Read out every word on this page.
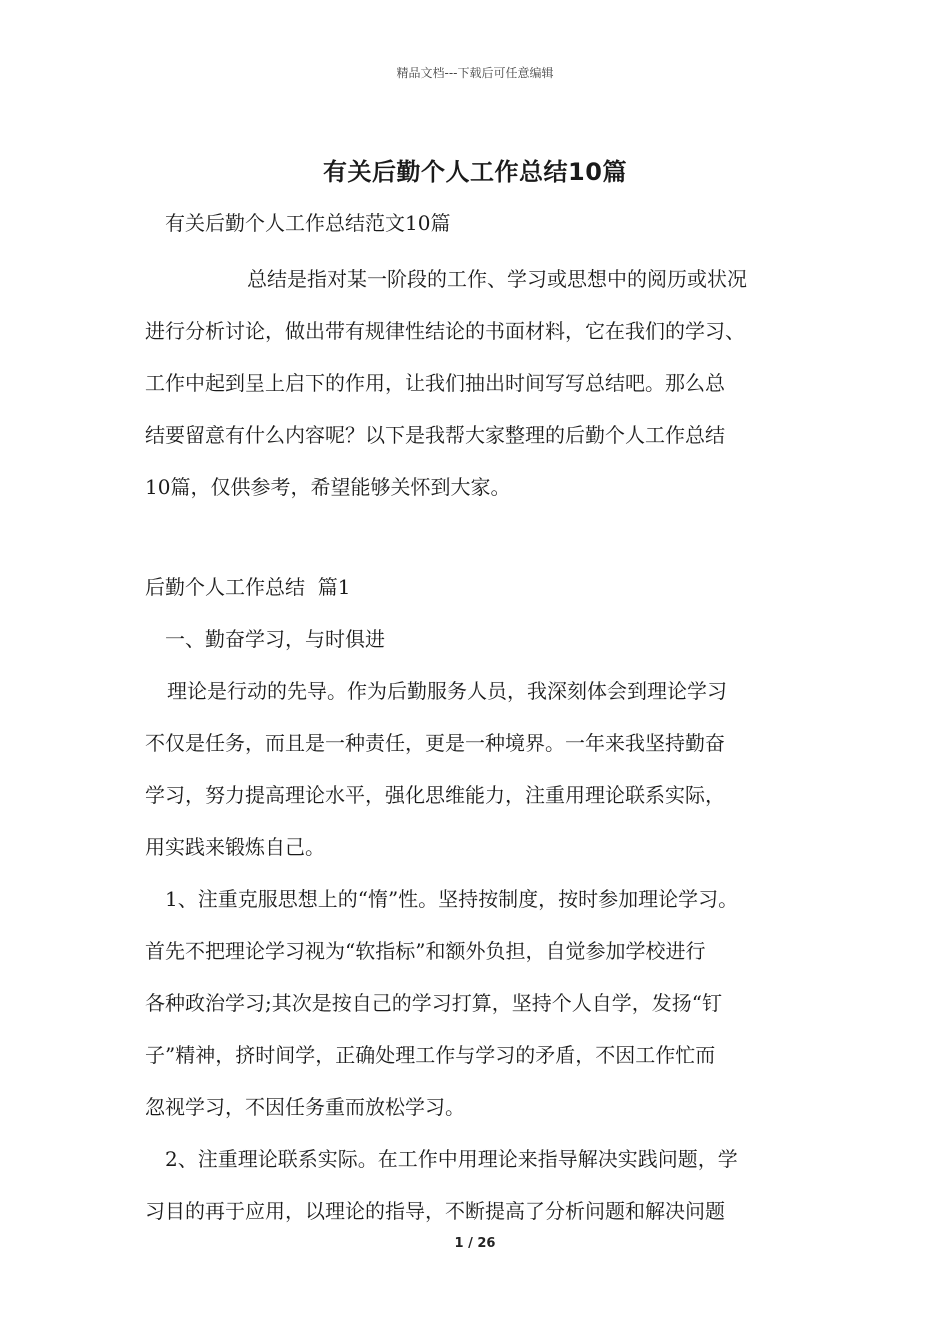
精品文档---下载后可任意编辑
有关后勤个人工作总结10篇

有关后勤个人工作总结范文10篇

总结是指对某一阶段的工作、学习或思想中的阅历或状况

进行分析讨论，做出带有规律性结论的书面材料，它在我们的学习、

工作中起到呈上启下的作用，让我们抽出时间写写总结吧。那么总

结要留意有什么内容呢？以下是我帮大家整理的后勤个人工作总结

10篇，仅供参考，希望能够关怀到大家。

后勤个人工作总结  篇1

一、勤奋学习，与时俱进

理论是行动的先导。作为后勤服务人员，我深刻体会到理论学习

不仅是任务，而且是一种责任，更是一种境界。一年来我坚持勤奋

学习，努力提高理论水平，强化思维能力，注重用理论联系实际，

用实践来锻炼自己。

1、注重克服思想上的“惰”性。坚持按制度，按时参加理论学习。

首先不把理论学习视为“软指标”和额外负担，自觉参加学校进行

各种政治学习;其次是按自己的学习打算，坚持个人自学，发扬“钉

子”精神，挤时间学，正确处理工作与学习的矛盾，不因工作忙而

忽视学习，不因任务重而放松学习。

2、注重理论联系实际。在工作中用理论来指导解决实践问题，学

习目的再于应用，以理论的指导，不断提高了分析问题和解决问题

1 / 26
